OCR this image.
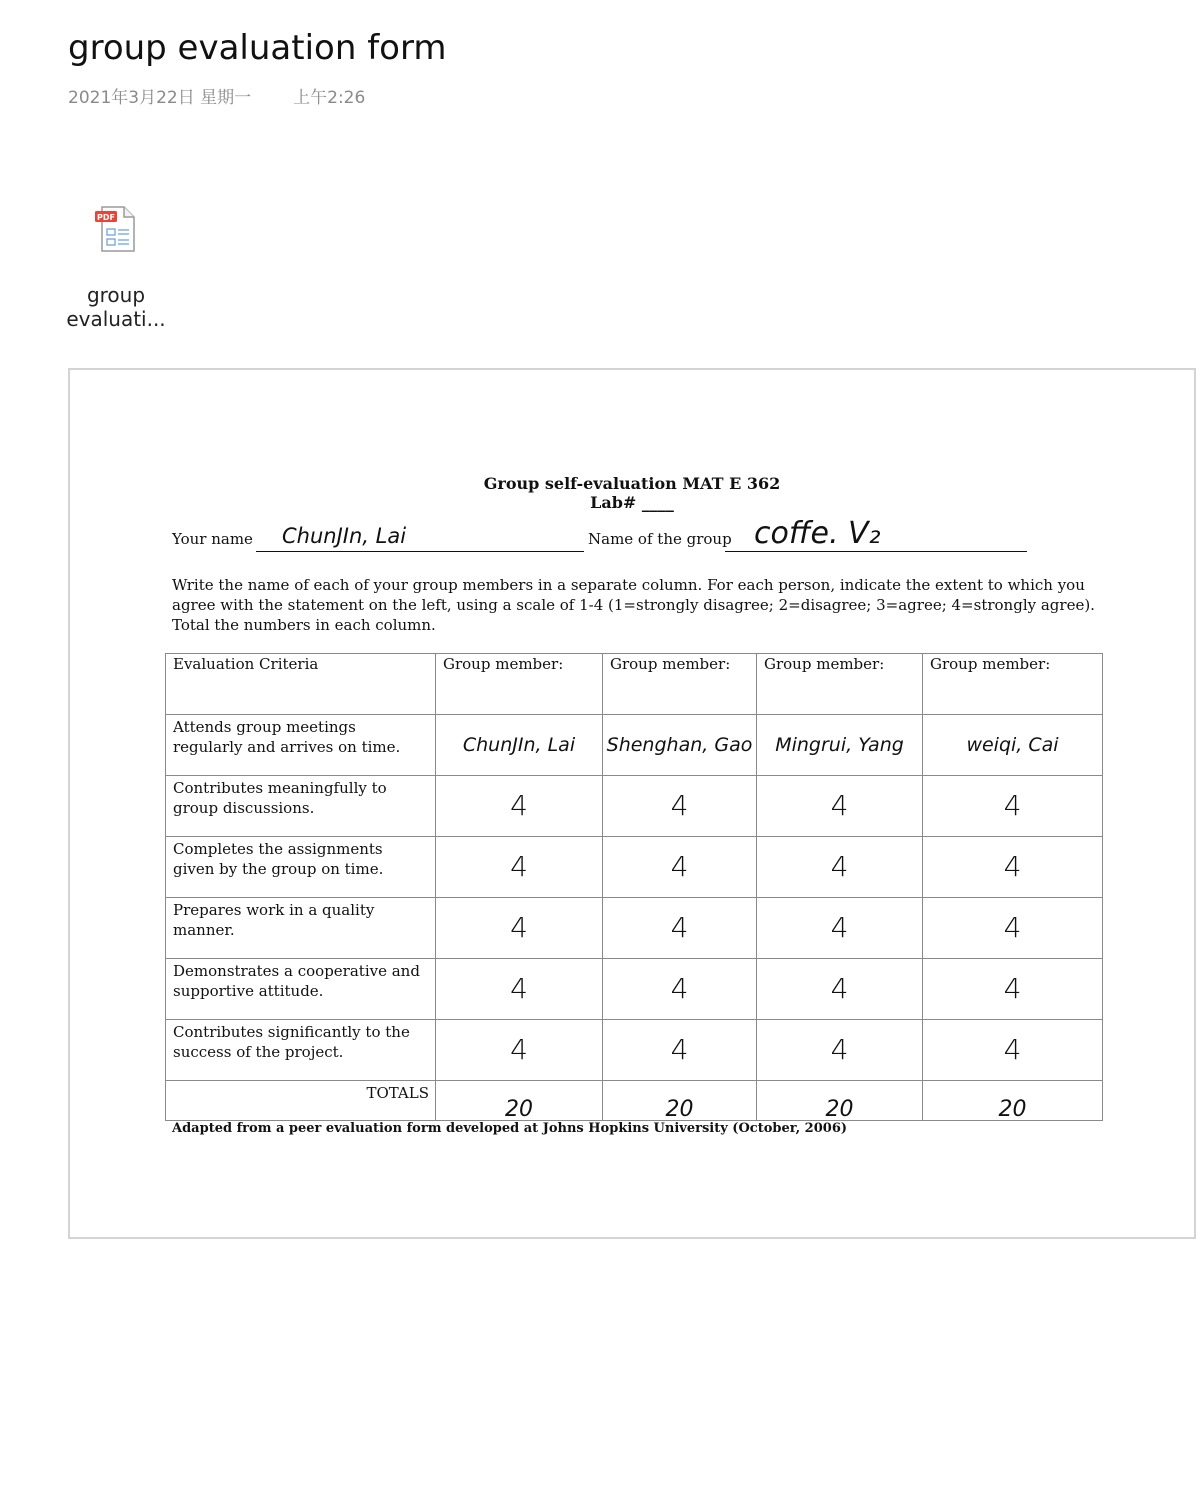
group evaluation form
2021年3月22日 星期一 上午2:26
PDF
group evaluati...
Group self-evaluation MAT E 362
Lab# ____
Your name ChunJIn, Lai	Name of the group coffe. V₂
Write the name of each of your group members in a separate column. For each person, indicate the extent to which you agree with the statement on the left, using a scale of 1-4 (1=strongly disagree; 2=disagree; 3=agree; 4=strongly agree). Total the numbers in each column.
Evaluation Criteria	Group member:	Group member:	Group member:	Group member:
Attends group meetings regularly and arrives on time.	ChunJIn, Lai	Shenghan, Gao	Mingrui, Yang	weiqi, Cai
Contributes meaningfully to group discussions.	4	4	4	4
Completes the assignments given by the group on time.	4	4	4	4
Prepares work in a quality manner.	4	4	4	4
Demonstrates a cooperative and supportive attitude.	4	4	4	4
Contributes significantly to the success of the project.	4	4	4	4
TOTALS	20	20	20	20
Adapted from a peer evaluation form developed at Johns Hopkins University (October, 2006)
